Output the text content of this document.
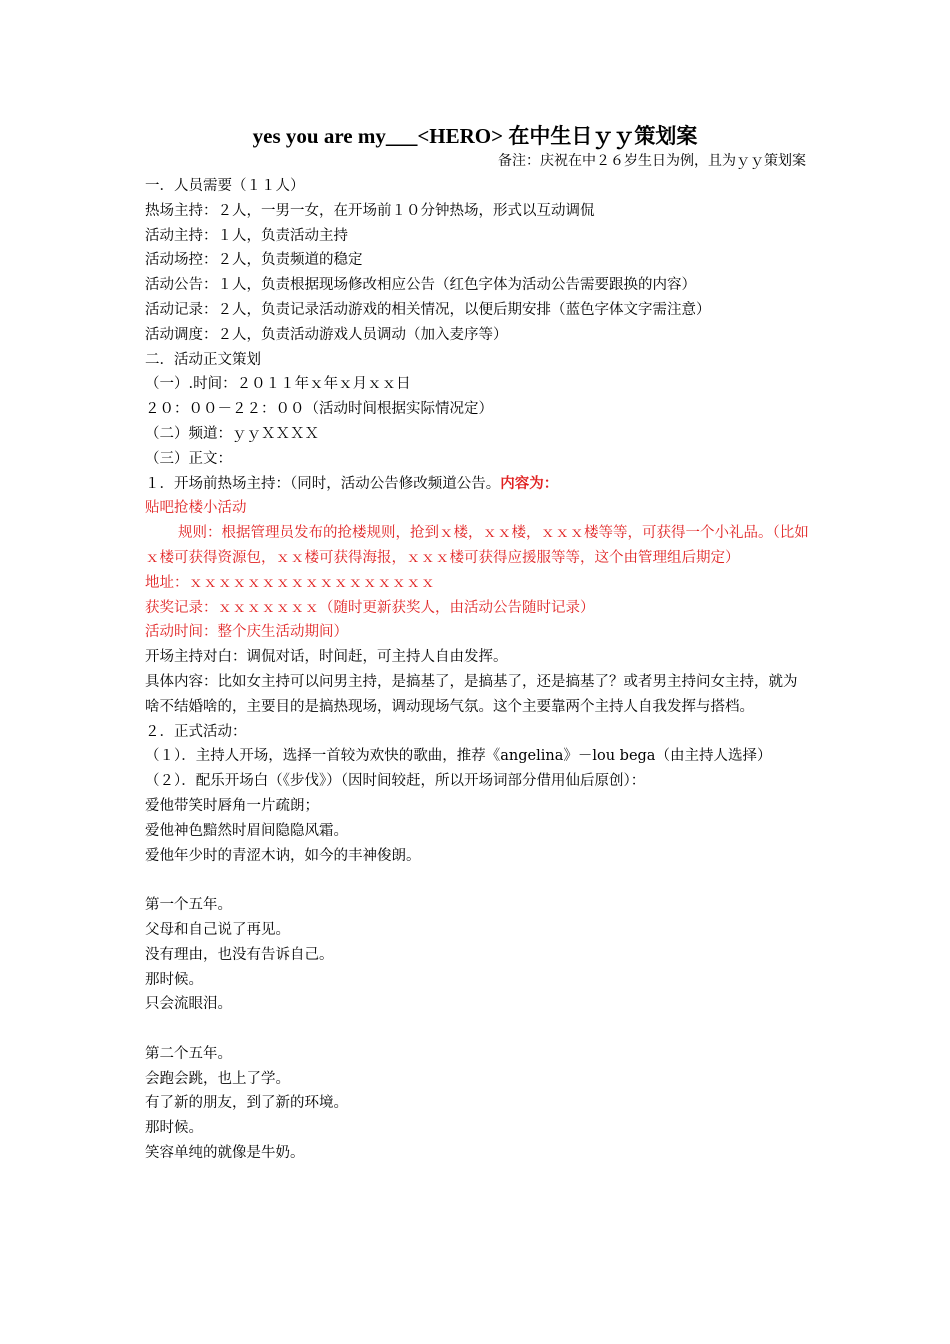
yes you are my___<HERO> 在中生日ｙｙ策划案
备注：庆祝在中２６岁生日为例，且为ｙｙ策划案

一．人员需要（１１人）

热场主持：２人，一男一女，在开场前１０分钟热场，形式以互动调侃

活动主持：１人，负责活动主持

活动场控：２人，负责频道的稳定

活动公告：１人，负责根据现场修改相应公告（红色字体为活动公告需要跟换的内容）

活动记录：２人，负责记录活动游戏的相关情况，以便后期安排（蓝色字体文字需注意）

活动调度：２人，负责活动游戏人员调动（加入麦序等）

二．活动正文策划

（一）.时间：２０１１年ｘ年ｘ月ｘｘ日

２０：００－２２：００（活动时间根据实际情况定）

（二）频道：ｙｙＸＸＸＸ

（三）正文：

１．开场前热场主持：（同时，活动公告修改频道公告。内容为：

贴吧抢楼小活动

规则：根据管理员发布的抢楼规则，抢到ｘ楼，ｘｘ楼，ｘｘｘ楼等等，可获得一个小礼品。（比如ｘ楼可获得资源包，ｘｘ楼可获得海报，ｘｘｘ楼可获得应援服等等，这个由管理组后期定）

地址：ｘｘｘｘｘｘｘｘｘｘｘｘｘｘｘｘｘ

获奖记录：ｘｘｘｘｘｘｘ（随时更新获奖人，由活动公告随时记录）

活动时间：整个庆生活动期间）

开场主持对白：调侃对话，时间赶，可主持人自由发挥。

具体内容：比如女主持可以问男主持，是搞基了，是搞基了，还是搞基了？或者男主持问女主持，就为啥不结婚啥的，主要目的是搞热现场，调动现场气氛。这个主要靠两个主持人自我发挥与搭档。

２．正式活动：

（１）．主持人开场，选择一首较为欢快的歌曲，推荐《angelina》－lou bega（由主持人选择）

（２）．配乐开场白（《步伐》）（因时间较赶，所以开场词部分借用仙后原创）：

爱他带笑时唇角一片疏朗；

爱他神色黯然时眉间隐隐风霜。

爱他年少时的青涩木讷，如今的丰神俊朗。

第一个五年。

父母和自己说了再见。

没有理由，也没有告诉自己。

那时候。

只会流眼泪。

第二个五年。

会跑会跳，也上了学。

有了新的朋友，到了新的环境。

那时候。

笑容单纯的就像是牛奶。
